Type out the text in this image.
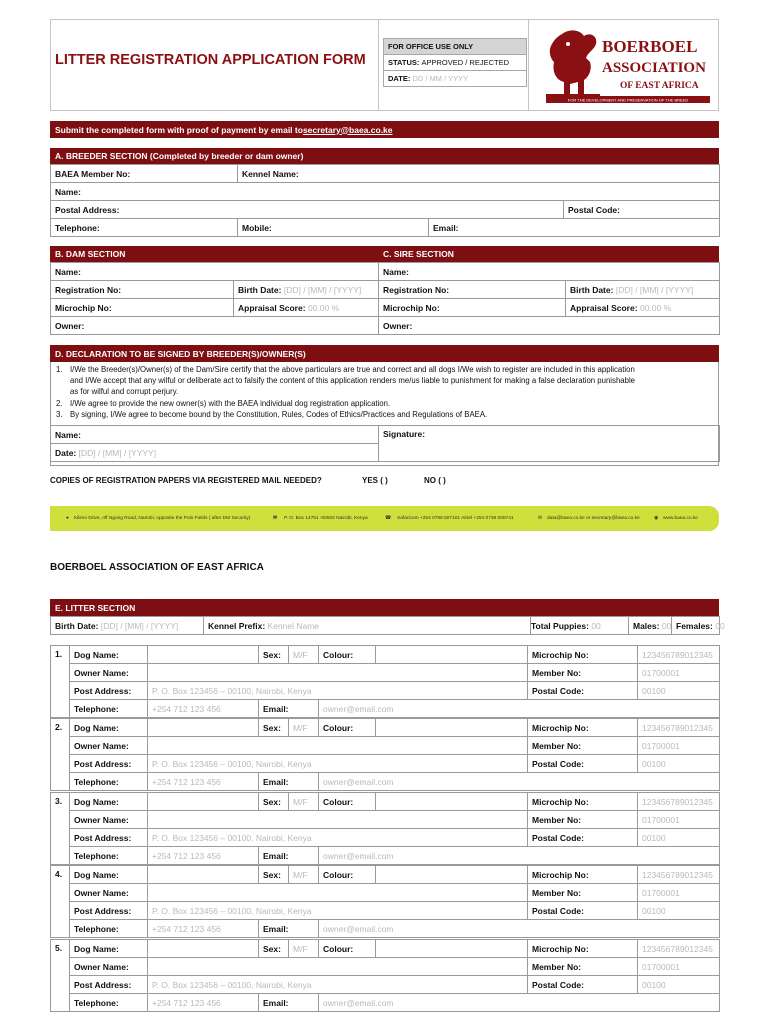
LITTER REGISTRATION APPLICATION FORM
FOR OFFICE USE ONLY
STATUS:
APPROVED / REJECTED
DATE:
DD / MM / YYYY
BOERBOEL
ASSOCIATION
OF EAST AFRICA
FOR THE DEVELOPMENT AND PRESERVATION OF THE BREED
Submit the completed form with proof of payment by email to secretary@baea.co.ke
A. BREEDER SECTION (Completed by breeder or dam owner)
BAEA Member No:	Kennel Name:		
Name:			
Postal Address:			Postal Code:
Telephone:	Mobile:	Email:	
B. DAM SECTION	C. SIRE SECTION
Name:	
Registration No:	Birth Date: [DD] / [MM] / [YYYY]
Microchip No:	Appraisal Score: 00.00 %
Owner:	
Name:	
Registration No:	Birth Date: [DD] / [MM] / [YYYY]
Microchip No:	Appraisal Score: 00.00 %
Owner:	
D. DECLARATION TO BE SIGNED BY BREEDER(S)/OWNER(S)
1. I/We the Breeder(s)/Owner(s) of the Dam/Sire certify that the above particulars are true and correct and all dogs I/We wish to register are included in this application
and I/We accept that any wilful or deliberate act to falsify the content of this application renders me/us liable to punishment for making a false declaration punishable
as for wilful and corrupt perjury.
2. I/We agree to provide the new owner(s) with the BAEA individual dog registration application.
3. By signing, I/We agree to become bound by the Constitution, Rules, Codes of Ethics/Practices and Regulations of BAEA.
Name:	Signature:
Date: [DD] / [MM] / [YYYY]
COPIES OF REGISTRATION PAPERS VIA REGISTERED MAIL NEEDED?	YES ( )	NO ( )
● Kilimo Drive, off Ngong Road, Nairobi, opposite the Polo Fields ( after DM Security)	✉ P. O. Box 14751 -00502 Nairobi, Kenya	☎ Safaricom +254 0798 507101 Airtel +254 0738 000741	✉ data@baea.co.ke or secretary@baea.co.ke	◉ www.baea.co.ke
BOERBOEL ASSOCIATION OF EAST AFRICA
E. LITTER SECTION
Birth Date: [DD] / [MM] / [YYYY]	Kennel Prefix: Kennel Name	Total Puppies: 00	Males: 00	Females: 00
1.	Dog Name:		Sex:	M/F	Colour:		Microchip No:	123456789012345
	Owner Name:						Member No:	01700001
	Post Address:	P. O. Box 123456 – 00100, Nairobi, Kenya					Postal Code:	00100
	Telephone:	+254 712 123 456	Email:		owner@email.com			
2.	Dog Name:		Sex:	M/F	Colour:		Microchip No:	123456789012345
	Owner Name:						Member No:	01700001
	Post Address:	P. O. Box 123456 – 00100, Nairobi, Kenya					Postal Code:	00100
	Telephone:	+254 712 123 456	Email:		owner@email.com			
3.	Dog Name:		Sex:	M/F	Colour:		Microchip No:	123456789012345
	Owner Name:						Member No:	01700001
	Post Address:	P. O. Box 123456 – 00100, Nairobi, Kenya					Postal Code:	00100
	Telephone:	+254 712 123 456	Email:		owner@email.com			
4.	Dog Name:		Sex:	M/F	Colour:		Microchip No:	123456789012345
	Owner Name:						Member No:	01700001
	Post Address:	P. O. Box 123456 – 00100, Nairobi, Kenya					Postal Code:	00100
	Telephone:	+254 712 123 456	Email:		owner@email.com			
5.	Dog Name:		Sex:	M/F	Colour:		Microchip No:	123456789012345
	Owner Name:						Member No:	01700001
	Post Address:	P. O. Box 123456 – 00100, Nairobi, Kenya					Postal Code:	00100
	Telephone:	+254 712 123 456	Email:		owner@email.com			
